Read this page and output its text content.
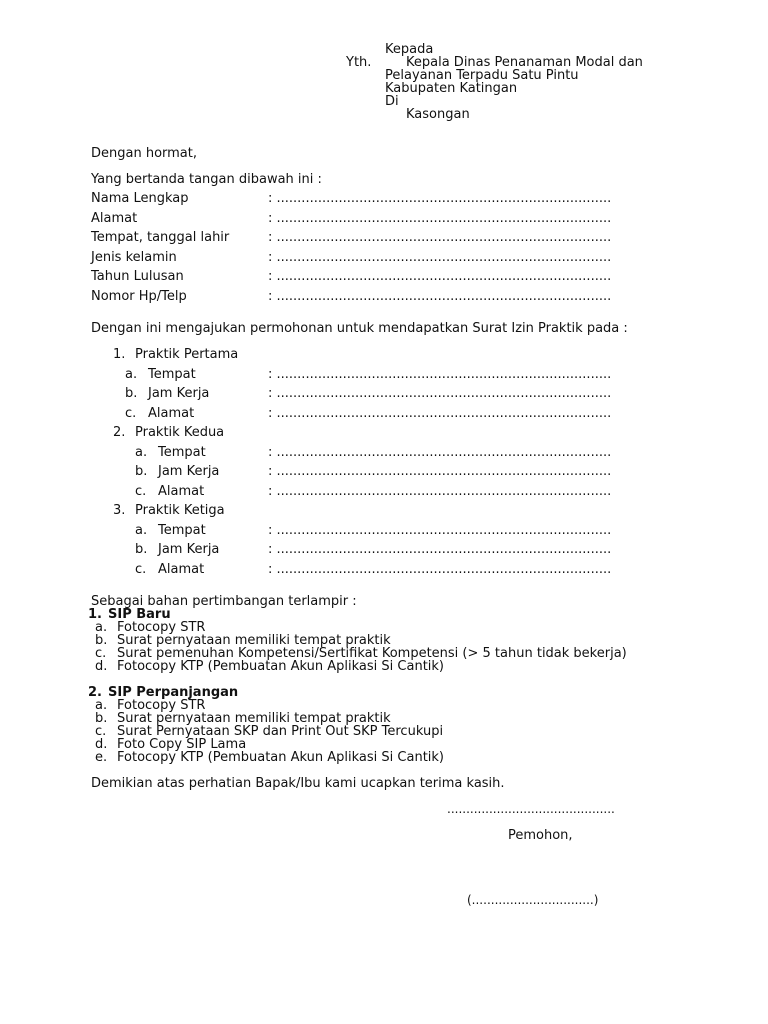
Kepada
Yth.	Kepala Dinas Penanaman Modal dan
Pelayanan Terpadu Satu Pintu
Kabupaten Katingan
Di
Kasongan
Dengan hormat,
Yang bertanda tangan dibawah ini :
Nama Lengkap	: .................................................................................
Alamat	: .................................................................................
Tempat, tanggal lahir	: .................................................................................
Jenis kelamin	: .................................................................................
Tahun Lulusan	: .................................................................................
Nomor Hp/Telp	: .................................................................................
Dengan ini mengajukan permohonan untuk mendapatkan Surat Izin Praktik pada :
1. Praktik Pertama
a. Tempat	: .................................................................................
b. Jam Kerja	: .................................................................................
c. Alamat	: .................................................................................
2. Praktik Kedua
a. Tempat	: .................................................................................
b. Jam Kerja	: .................................................................................
c. Alamat	: .................................................................................
3. Praktik Ketiga
a. Tempat	: .................................................................................
b. Jam Kerja	: .................................................................................
c. Alamat	: .................................................................................
Sebagai bahan pertimbangan terlampir :
1. SIP Baru
a. Fotocopy STR
b. Surat pernyataan memiliki tempat praktik
c. Surat pemenuhan Kompetensi/Sertifikat Kompetensi (> 5 tahun tidak bekerja)
d. Fotocopy KTP (Pembuatan Akun Aplikasi Si Cantik)
2. SIP Perpanjangan
a. Fotocopy STR
b. Surat pernyataan memiliki tempat praktik
c. Surat Pernyataan SKP dan Print Out SKP Tercukupi
d. Foto Copy SIP Lama
e. Fotocopy KTP (Pembuatan Akun Aplikasi Si Cantik)
Demikian atas perhatian Bapak/Ibu kami ucapkan terima kasih.
............................................
Pemohon,
(................................)
